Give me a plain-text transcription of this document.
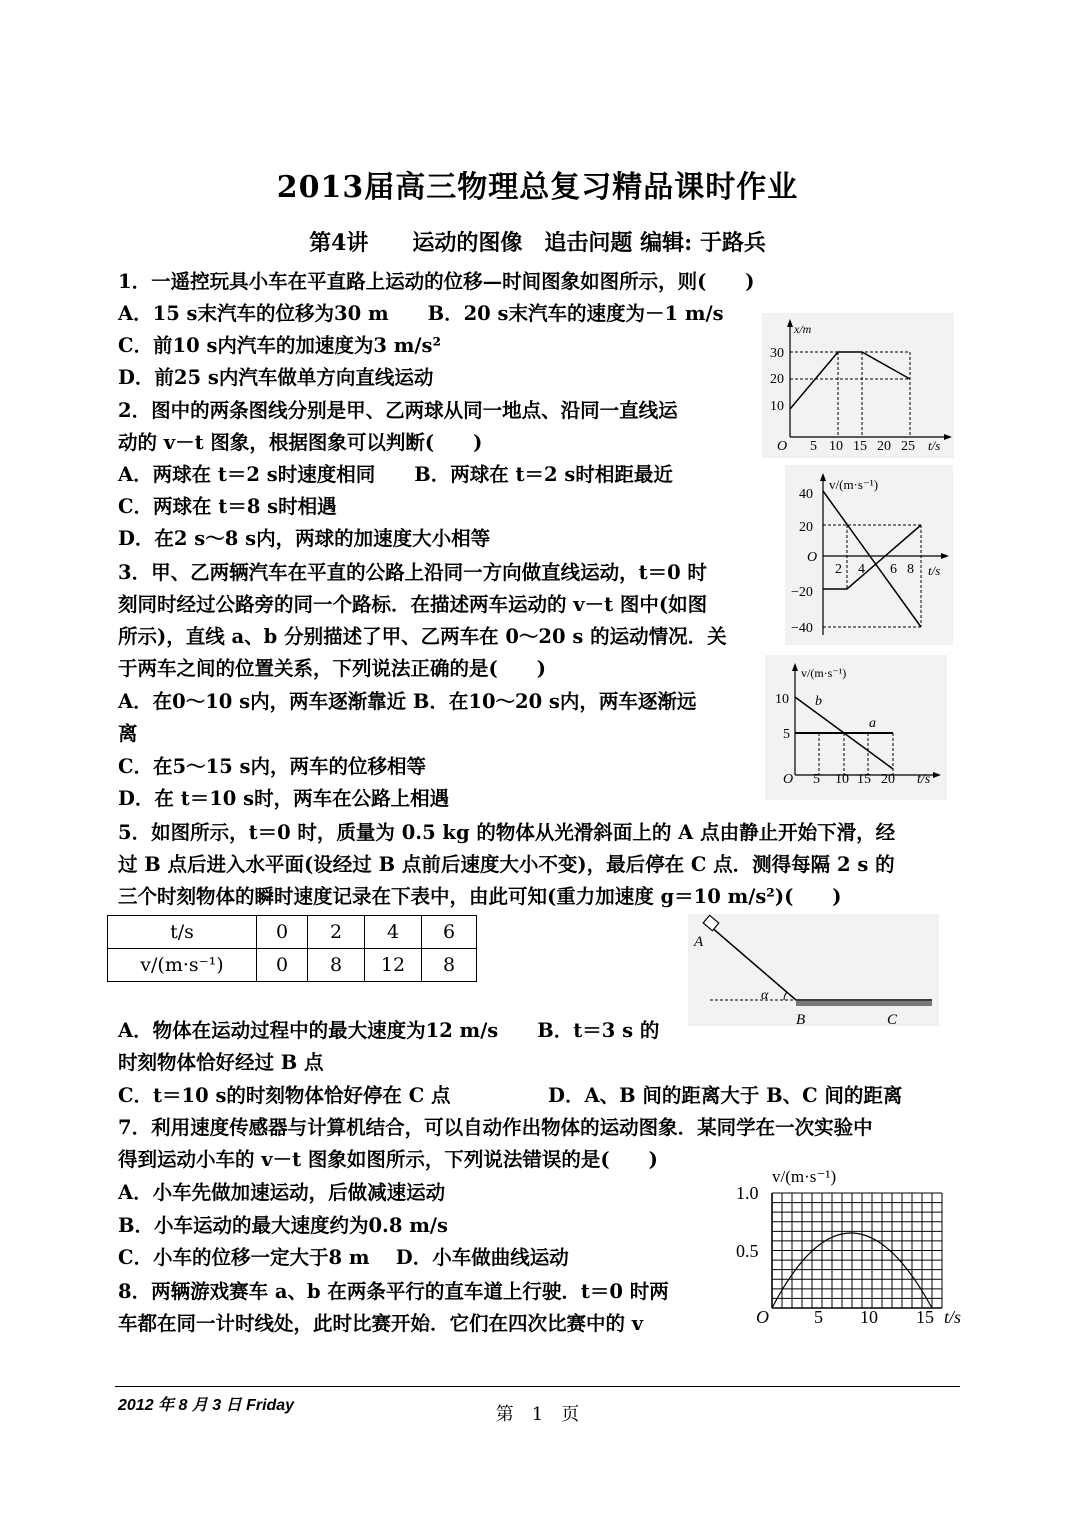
2013届高三物理总复习精品课时作业
第4讲　　运动的图像　追击问题 编辑: 于路兵
1．一遥控玩具小车在平直路上运动的位移—时间图象如图所示，则(　　)
A．15 s末汽车的位移为30 m　　B．20 s末汽车的速度为－1 m/s
C．前10 s内汽车的加速度为3 m/s²
D．前25 s内汽车做单方向直线运动
2．图中的两条图线分别是甲、乙两球从同一地点、沿同一直线运
动的 v－t 图象，根据图象可以判断(　　)
A．两球在 t＝2 s时速度相同　　B．两球在 t＝2 s时相距最近
C．两球在 t＝8 s时相遇
D．在2 s～8 s内，两球的加速度大小相等
3．甲、乙两辆汽车在平直的公路上沿同一方向做直线运动，t＝0 时
刻同时经过公路旁的同一个路标．在描述两车运动的 v－t 图中(如图
所示)，直线 a、b 分别描述了甲、乙两车在 0～20 s 的运动情况．关
于两车之间的位置关系，下列说法正确的是(　　)
A．在0～10 s内，两车逐渐靠近 B．在10～20 s内，两车逐渐远
离
C．在5～15 s内，两车的位移相等
D．在 t＝10 s时，两车在公路上相遇
5．如图所示，t＝0 时，质量为 0.5 kg 的物体从光滑斜面上的 A 点由静止开始下滑，经
过 B 点后进入水平面(设经过 B 点前后速度大小不变)，最后停在 C 点．测得每隔 2 s 的
三个时刻物体的瞬时速度记录在下表中，由此可知(重力加速度 g＝10 m/s²)(　　)
A．物体在运动过程中的最大速度为12 m/s　　B．t＝3 s 的
时刻物体恰好经过 B 点
C．t＝10 s的时刻物体恰好停在 C 点　　　　　D．A、B 间的距离大于 B、C 间的距离
7．利用速度传感器与计算机结合，可以自动作出物体的运动图象．某同学在一次实验中
得到运动小车的 v－t 图象如图所示，下列说法错误的是(　　)
A．小车先做加速运动，后做减速运动
B．小车运动的最大速度约为0.8 m/s
C．小车的位移一定大于8 m　 D．小车做曲线运动
8．两辆游戏赛车 a、b 在两条平行的直车道上行驶．t＝0 时两
车都在同一计时线处，此时比赛开始．它们在四次比赛中的 v
t/s	0	2	4	6
v/(m·s⁻¹)	0	8	12	8
x/m
t/s
O
30
20
10
5 10 15 20 25
v/(m·s⁻¹)
t/s
O
40
20
−20
−40
2 4 6 8
v/(m·s⁻¹)
t/s
O
10
5
5 10 15 20
b
a
α
A
B	C
v/(m·s⁻¹)
1.0
0.5
O	5 10 15 t/s
2012 年 8 月 3 日 Friday	第　1　页
